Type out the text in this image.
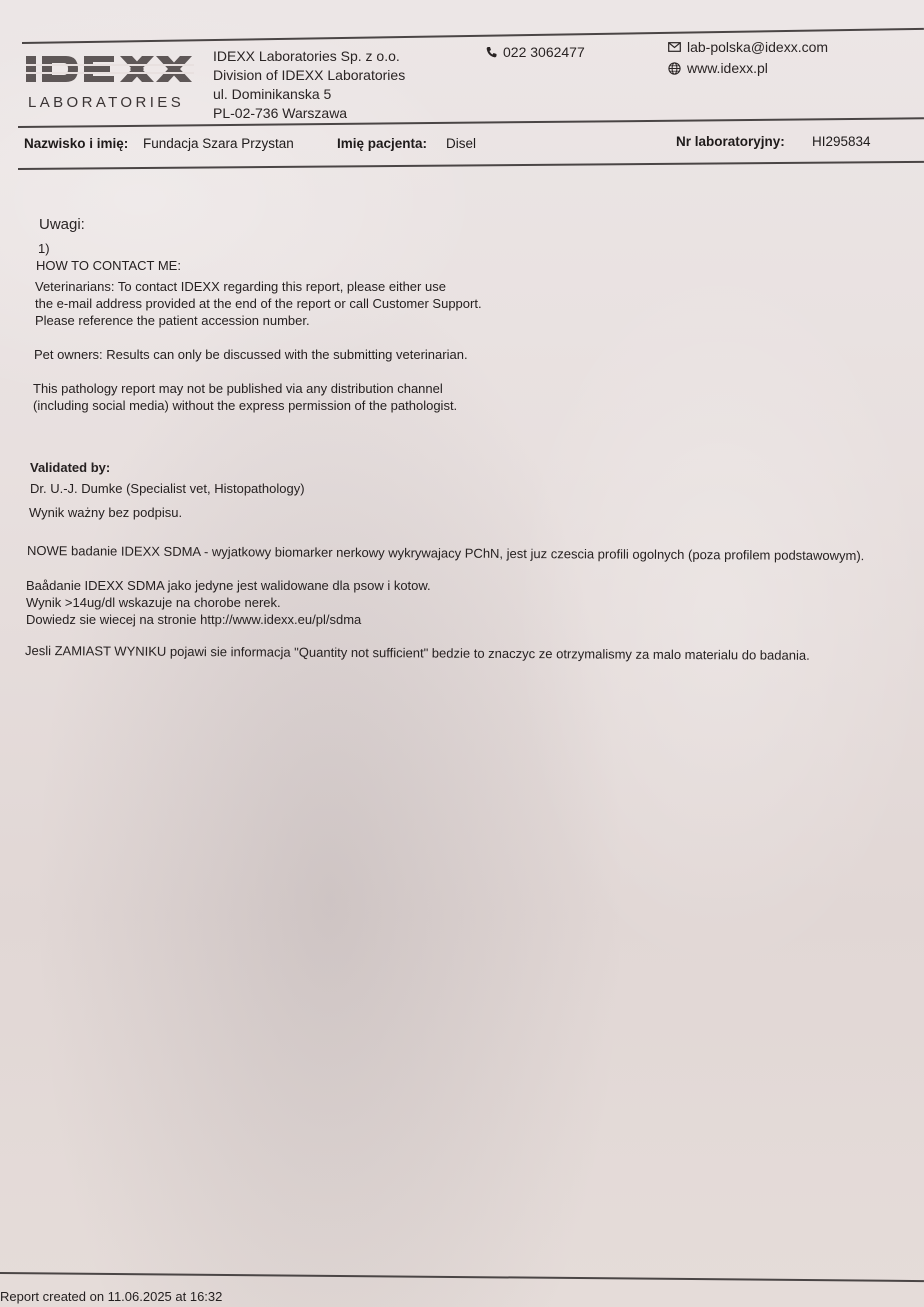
LABORATORIES
IDEXX Laboratories Sp. z o.o.
Division of IDEXX Laboratories
ul. Dominikanska 5
PL-02-736 Warszawa
022 3062477	lab-polska@idexx.com
www.idexx.pl
Nazwisko i imię: Fundacja Szara Przystan	Imię pacjenta: Disel	Nr laboratoryjny: HI295834
Uwagi:
1)
HOW TO CONTACT ME:
Veterinarians: To contact IDEXX regarding this report, please either use
the e-mail address provided at the end of the report or call Customer Support.
Please reference the patient accession number.
Pet owners: Results can only be discussed with the submitting veterinarian.
This pathology report may not be published via any distribution channel
(including social media) without the express permission of the pathologist.
Validated by:
Dr. U.-J. Dumke (Specialist vet, Histopathology)
Wynik ważny bez podpisu.
NOWE badanie IDEXX SDMA - wyjatkowy biomarker nerkowy wykrywajacy PChN, jest juz czescia profili ogolnych (poza profilem podstawowym).
Baådanie IDEXX SDMA jako jedyne jest walidowane dla psow i kotow.
Wynik >14ug/dl wskazuje na chorobe nerek.
Dowiedz sie wiecej na stronie http://www.idexx.eu/pl/sdma
Jesli ZAMIAST WYNIKU pojawi sie informacja "Quantity not sufficient" bedzie to znaczyc ze otrzymalismy za malo materialu do badania.
Report created on 11.06.2025 at 16:32
